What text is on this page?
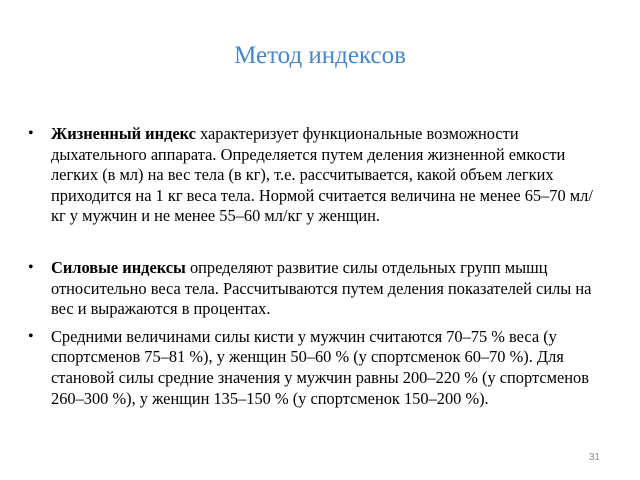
Метод индексов
• Жизненный индекс характеризует функциональные возможности дыхательного аппарата. Определяется путем деления жизненной емкости легких (в мл) на вес тела (в кг), т.е. рассчитывается, какой объем легких приходится на 1 кг веса тела. Нормой считается величина не менее 65–70 мл/кг у мужчин и не менее 55–60 мл/кг у женщин.
• Силовые индексы определяют развитие силы отдельных групп мышц относительно веса тела. Рассчитываются путем деления показателей силы на вес и выражаются в процентах.
• Средними величинами силы кисти у мужчин считаются 70–75 % веса (у спортсменов 75–81 %), у женщин 50–60 % (у спортсменок 60–70 %). Для становой силы средние значения у мужчин равны 200–220 % (у спортсменов 260–300 %), у женщин 135–150 % (у спортсменок 150–200 %).
31
